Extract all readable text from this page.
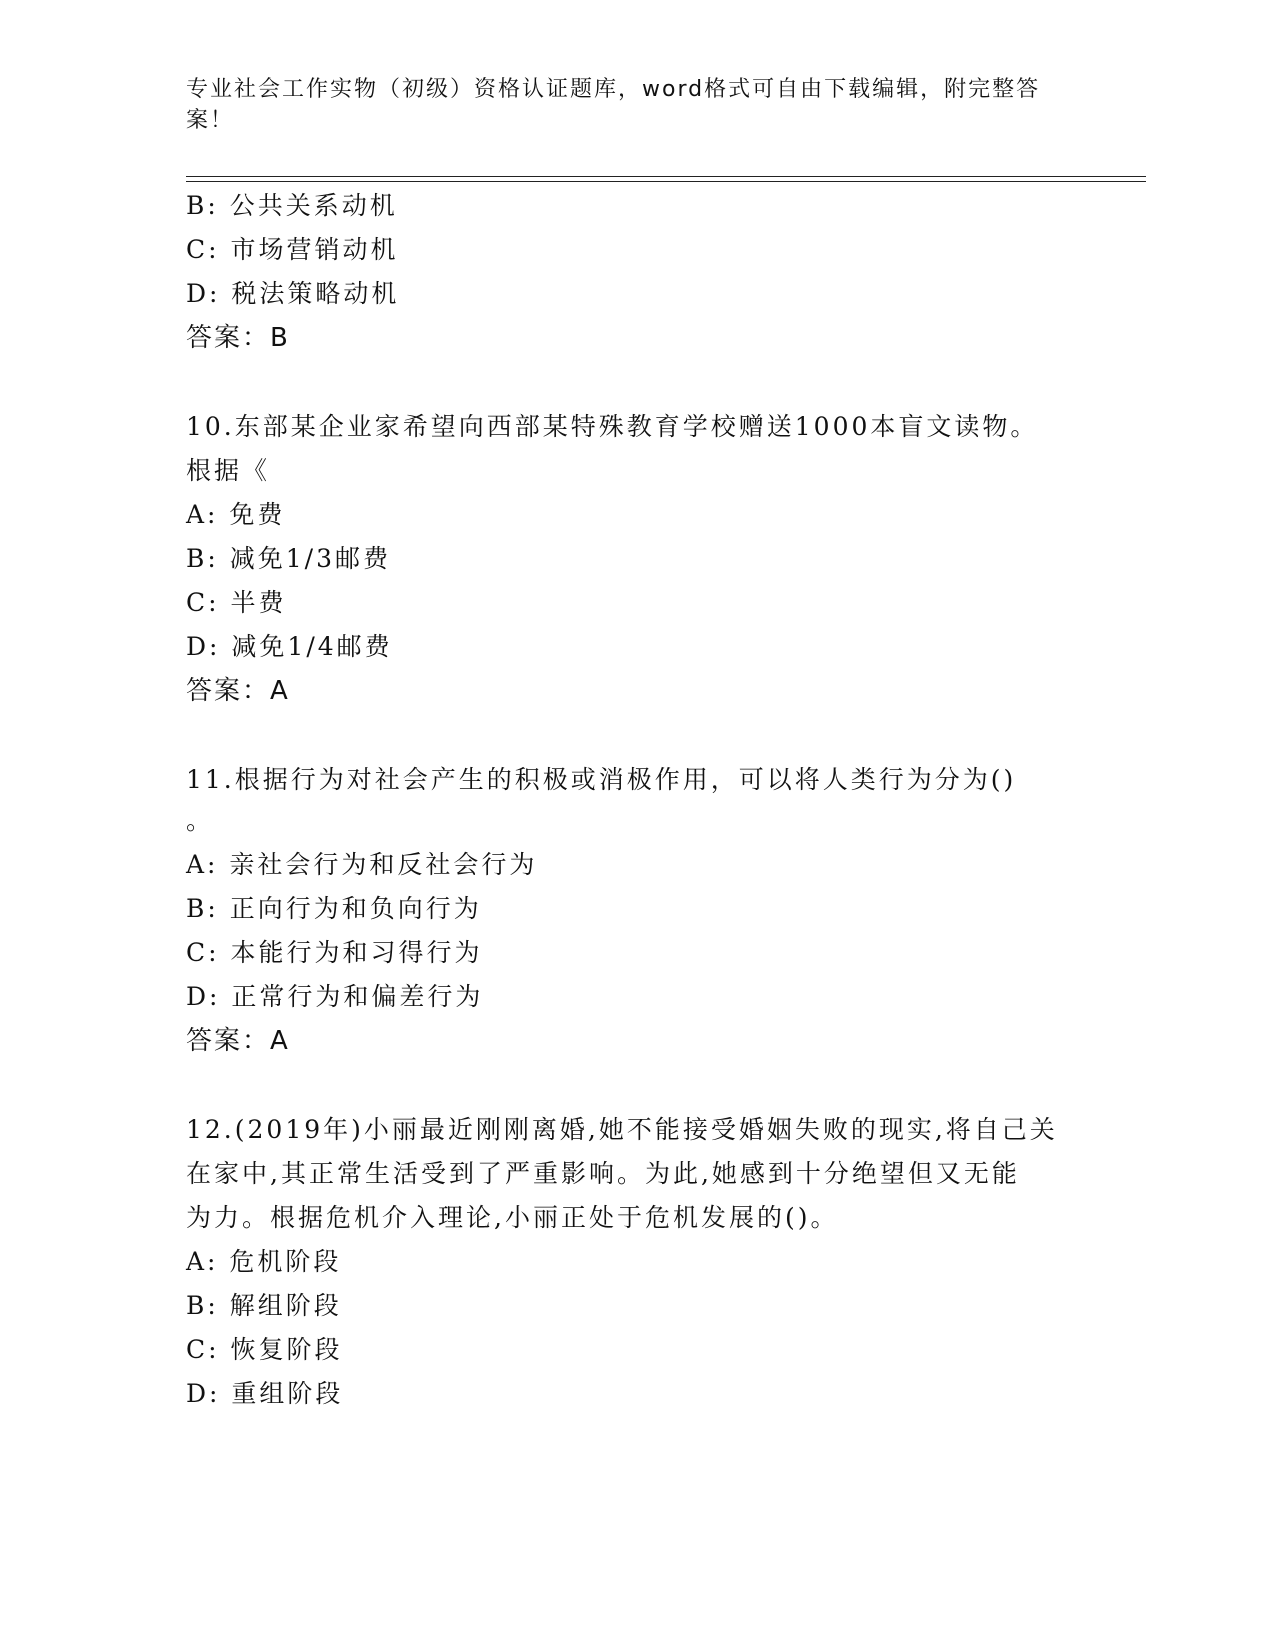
专业社会工作实物（初级）资格认证题库，word格式可自由下载编辑，附完整答
案！
B: 公共关系动机
C: 市场营销动机
D: 税法策略动机
答案：B
10.东部某企业家希望向西部某特殊教育学校赠送1000本盲文读物。
根据《
A: 免费
B: 减免1/3邮费
C: 半费
D: 减免1/4邮费
答案：A
11.根据行为对社会产生的积极或消极作用，可以将人类行为分为()
。
A: 亲社会行为和反社会行为
B: 正向行为和负向行为
C: 本能行为和习得行为
D: 正常行为和偏差行为
答案：A
12.(2019年)小丽最近刚刚离婚,她不能接受婚姻失败的现实,将自己关
在家中,其正常生活受到了严重影响。为此,她感到十分绝望但又无能
为力。根据危机介入理论,小丽正处于危机发展的()。
A: 危机阶段
B: 解组阶段
C: 恢复阶段
D: 重组阶段
